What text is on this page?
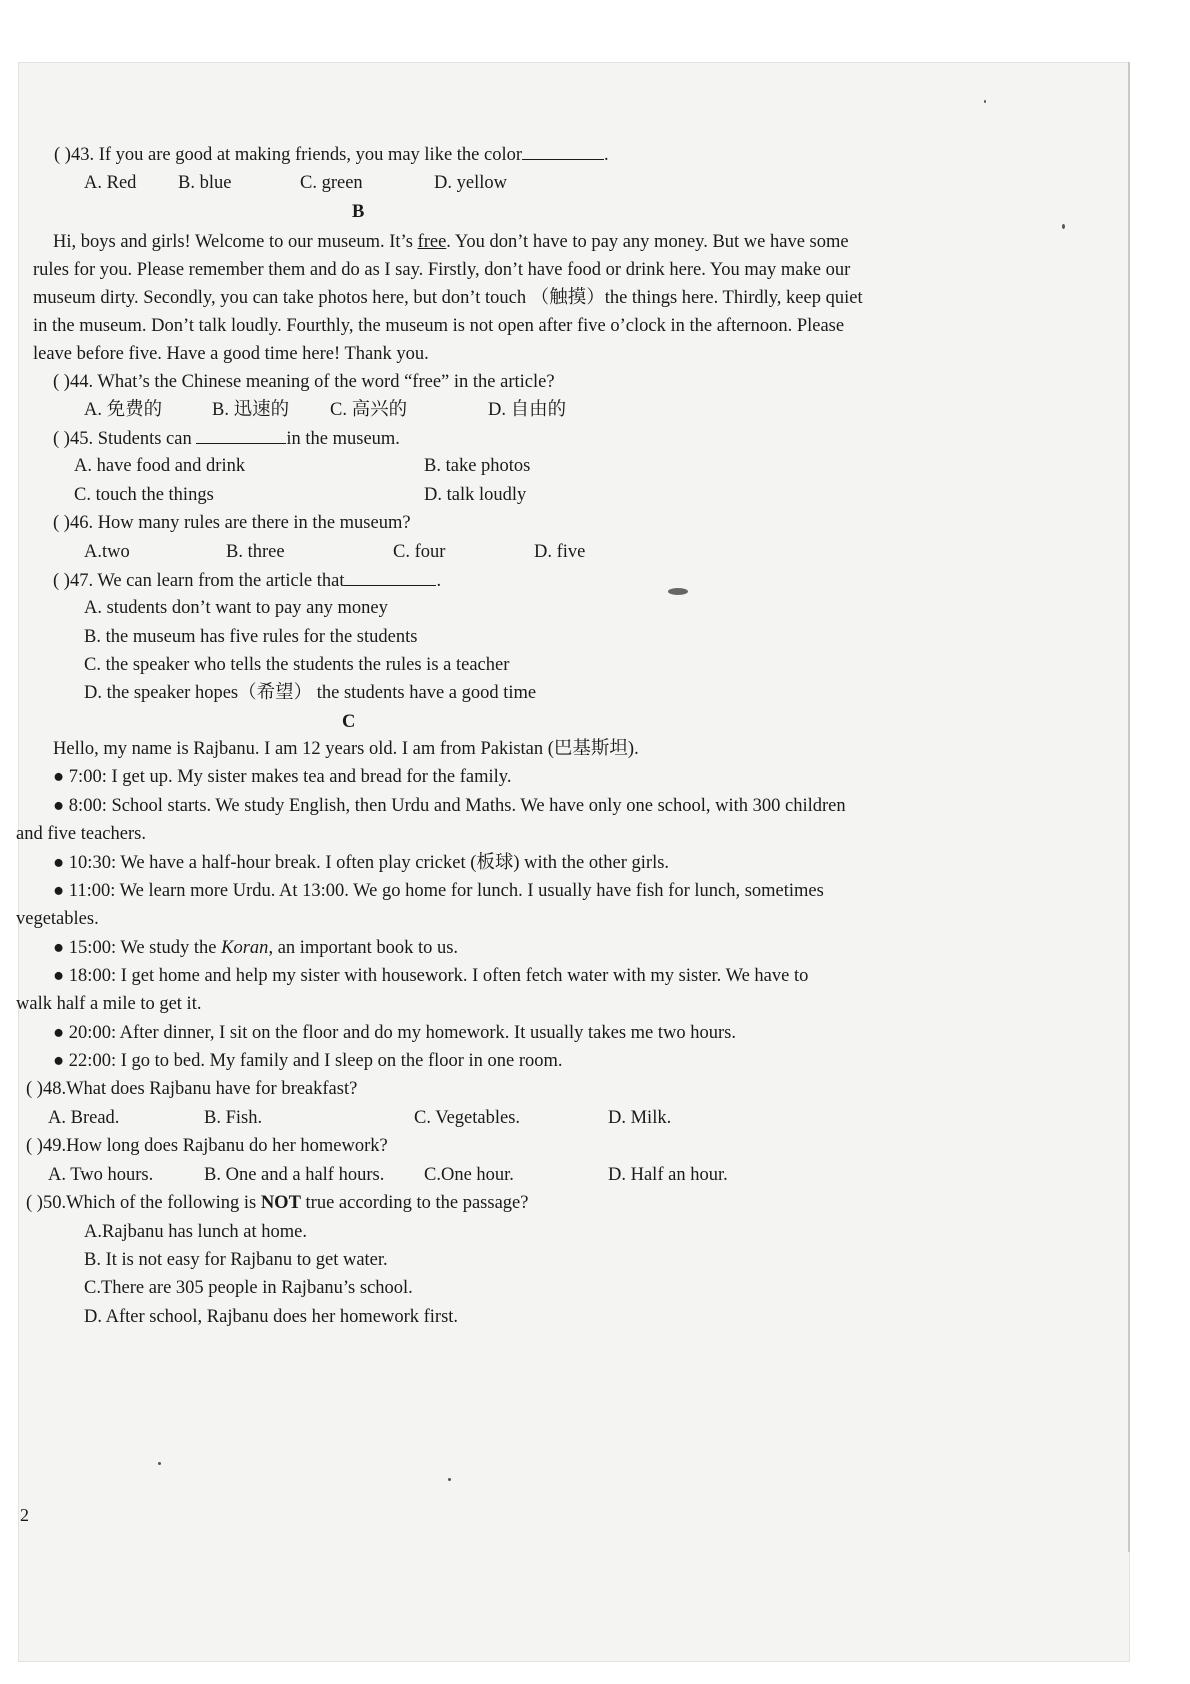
( )43. If you are good at making friends, you may like the color	.
A. Red B. blue	C. green	D. yellow
B
Hi, boys and girls! Welcome to our museum. It’s free. You don’t have to pay any money. But we have some
rules for you. Please remember them and do as I say. Firstly, don’t have food or drink here. You may make our
museum dirty. Secondly, you can take photos here, but don’t touch （触摸）the things here. Thirdly, keep quiet
in the museum. Don’t talk loudly. Fourthly, the museum is not open after five o’clock in the afternoon. Please
leave before five. Have a good time here! Thank you.
( )44. What’s the Chinese meaning of the word “free” in the article?
A. 免费的	B. 迅速的 C. 高兴的	D. 自由的
( )45. Students can	in the museum.
A. have food and drink	B. take photos
C. touch the things	D. talk loudly
( )46. How many rules are there in the museum?
A.two	B. three	C. four	D. five
( )47. We can learn from the article that	.
A. students don’t want to pay any money
B. the museum has five rules for the students
C. the speaker who tells the students the rules is a teacher
D. the speaker hopes（希望） the students have a good time
C
Hello, my name is Rajbanu. I am 12 years old. I am from Pakistan (巴基斯坦).
● 7:00: I get up. My sister makes tea and bread for the family.
● 8:00: School starts. We study English, then Urdu and Maths. We have only one school, with 300 children
and five teachers.
● 10:30: We have a half-hour break. I often play cricket (板球) with the other girls.
● 11:00: We learn more Urdu. At 13:00. We go home for lunch. I usually have fish for lunch, sometimes
vegetables.
● 15:00: We study the Koran, an important book to us.
● 18:00: I get home and help my sister with housework. I often fetch water with my sister. We have to
walk half a mile to get it.
● 20:00: After dinner, I sit on the floor and do my homework. It usually takes me two hours.
● 22:00: I go to bed. My family and I sleep on the floor in one room.
( )48.What does Rajbanu have for breakfast?
A. Bread.	B. Fish.	C. Vegetables.	D. Milk.
( )49.How long does Rajbanu do her homework?
A. Two hours.	B. One and a half hours. C.One hour.	D. Half an hour.
( )50.Which of the following is NOT true according to the passage?
A.Rajbanu has lunch at home.
B. It is not easy for Rajbanu to get water.
C.There are 305 people in Rajbanu’s school.
D. After school, Rajbanu does her homework first.
2
